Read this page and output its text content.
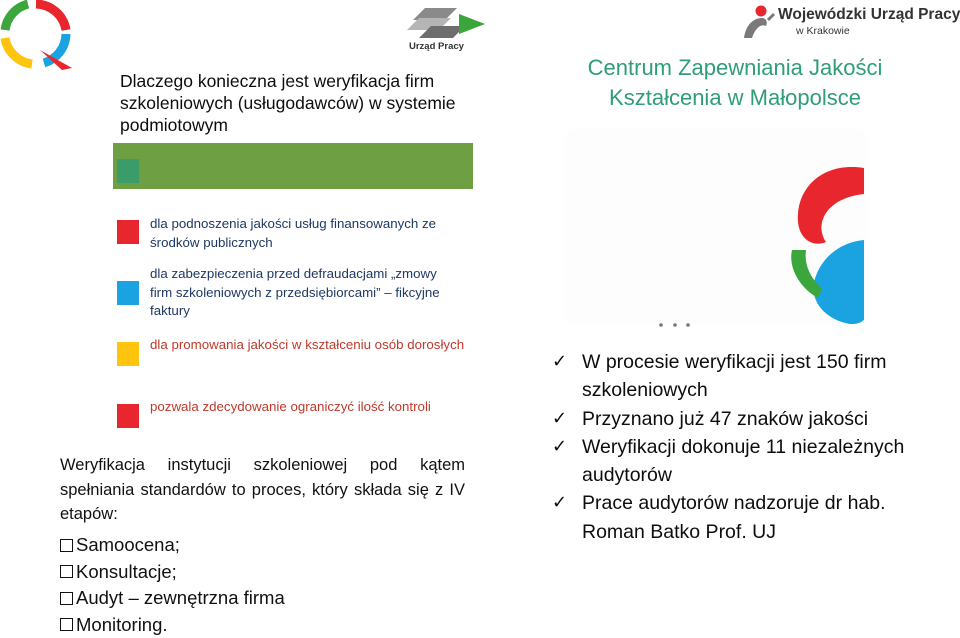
Urząd Pracy
Wojewódzki Urząd Pracy
w Krakowie
Dlaczego konieczna jest weryfikacja firm szkoleniowych (usługodawców) w systemie podmiotowym
Centrum Zapewniania Jakości Kształcenia w Małopolsce
dla podnoszenia jakości usług finansowanych ze środków publicznych
dla zabezpieczenia przed defraudacjami „zmowy firm szkoleniowych z przedsiębiorcami” – fikcyjne faktury
dla promowania jakości w kształceniu osób dorosłych
pozwala zdecydowanie ograniczyć ilość kontroli
Weryfikacja instytucji szkoleniowej pod kątem spełniania standardów to proces, który składa się z IV etapów:
Samoocena;
Konsultacje;
Audyt – zewnętrzna firma
Monitoring.
✓ W procesie weryfikacji jest 150 firm szkoleniowych
✓ Przyznano już 47 znaków jakości
✓ Weryfikacji dokonuje 11 niezależnych audytorów
✓ Prace audytorów nadzoruje dr hab. Roman Batko Prof. UJ
